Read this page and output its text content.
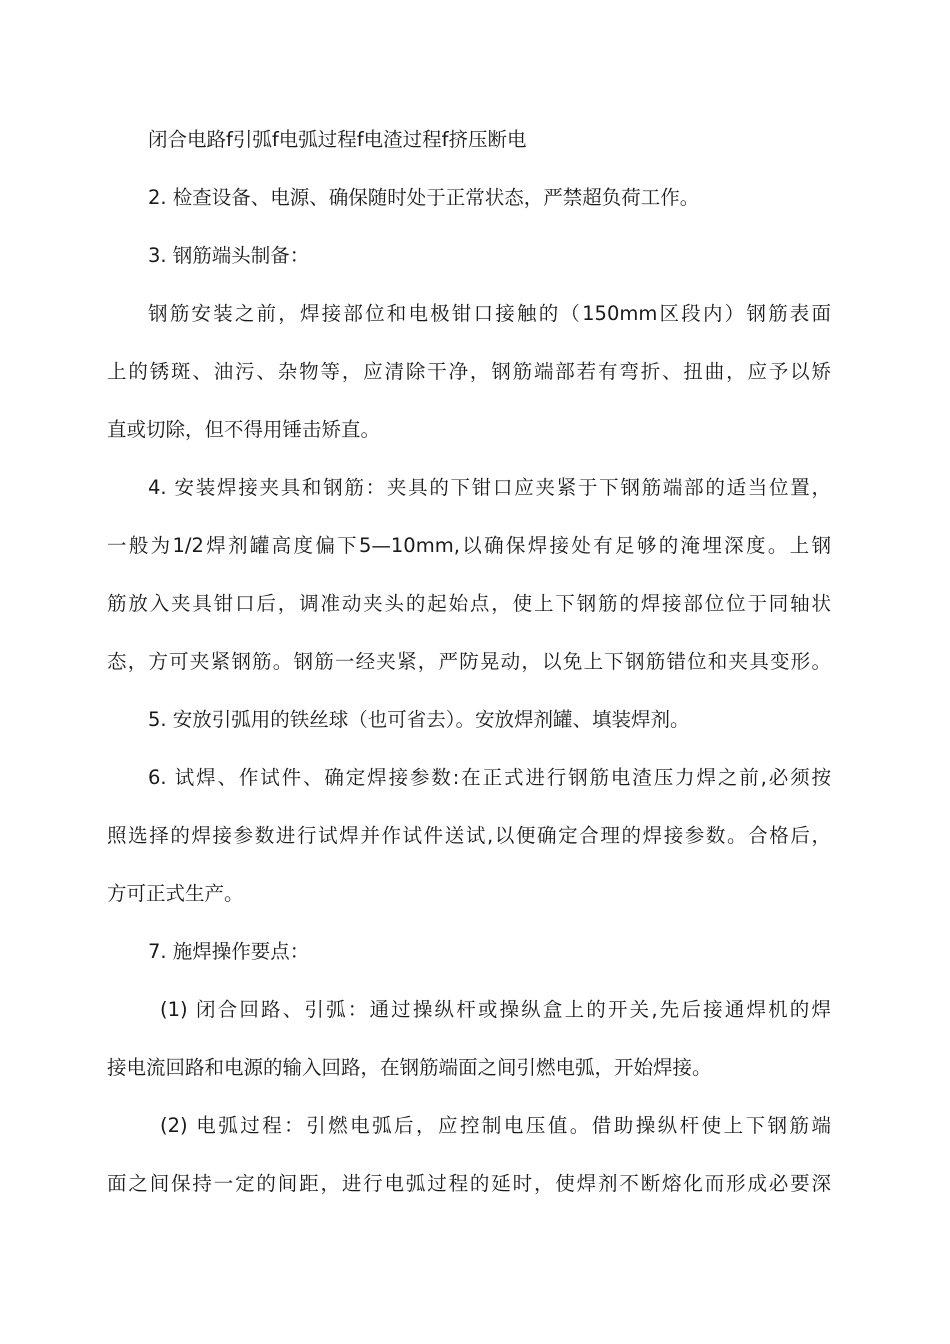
闭合电路f引弧f电弧过程f电渣过程f挤压断电
2. 检查设备、电源、确保随时处于正常状态，严禁超负荷工作。
3. 钢筋端头制备：
钢筋安装之前，焊接部位和电极钳口接触的（150mm区段内）钢筋表面
上的锈斑、油污、杂物等，应清除干净，钢筋端部若有弯折、扭曲，应予以矫
直或切除，但不得用锤击矫直。
4. 安装焊接夹具和钢筋：夹具的下钳口应夹紧于下钢筋端部的适当位置，
一般为1/2焊剂罐高度偏下5—10mm,以确保焊接处有足够的淹埋深度。上钢
筋放入夹具钳口后，调准动夹头的起始点，使上下钢筋的焊接部位位于同轴状
态，方可夹紧钢筋。钢筋一经夹紧，严防晃动，以免上下钢筋错位和夹具变形。
5. 安放引弧用的铁丝球（也可省去）。安放焊剂罐、填装焊剂。
6. 试焊、作试件、确定焊接参数:在正式进行钢筋电渣压力焊之前,必须按
照选择的焊接参数进行试焊并作试件送试,以便确定合理的焊接参数。合格后，
方可正式生产。
7. 施焊操作要点：
(1) 闭合回路、引弧：通过操纵杆或操纵盒上的开关,先后接通焊机的焊
接电流回路和电源的输入回路，在钢筋端面之间引燃电弧，开始焊接。
(2) 电弧过程：引燃电弧后，应控制电压值。借助操纵杆使上下钢筋端
面之间保持一定的间距，进行电弧过程的延时，使焊剂不断熔化而形成必要深
